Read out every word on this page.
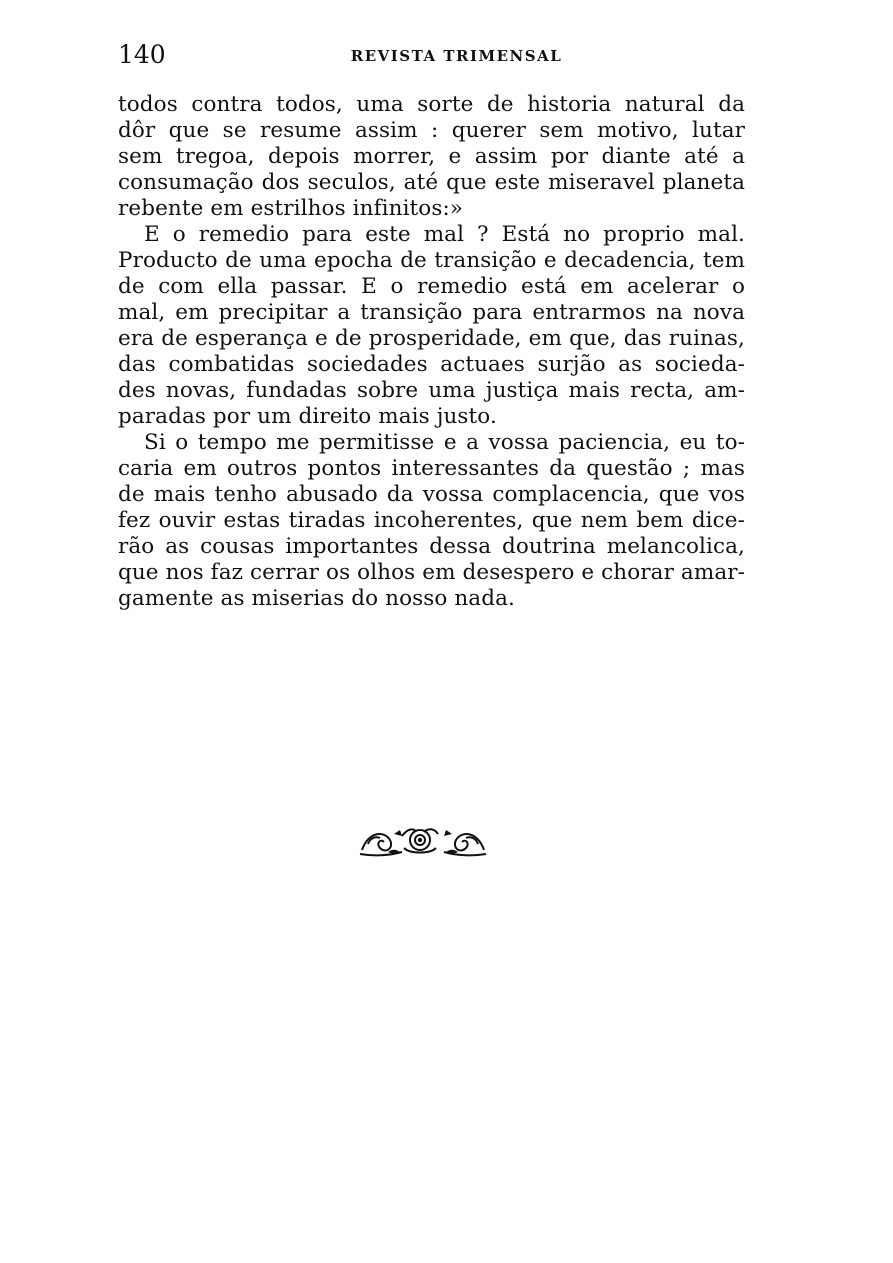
140	REVISTA TRIMENSAL

todos contra todos, uma sorte de historia natural da
dôr que se resume assim : querer sem motivo, lutar
sem tregoa, depois morrer, e assim por diante até a
consumação dos seculos, até que este miseravel planeta
rebente em estrilhos infinitos:»

E o remedio para este mal ? Está no proprio mal.
Producto de uma epocha de transição e decadencia, tem
de com ella passar. E o remedio está em acelerar o
mal, em precipitar a transição para entrarmos na nova
era de esperança e de prosperidade, em que, das ruinas,
das combatidas sociedades actuaes surjão as socieda-
des novas, fundadas sobre uma justiça mais recta, am-
paradas por um direito mais justo.

Si o tempo me permitisse e a vossa paciencia, eu to-
caria em outros pontos interessantes da questão ; mas
de mais tenho abusado da vossa complacencia, que vos
fez ouvir estas tiradas incoherentes, que nem bem dice-
rão as cousas importantes dessa doutrina melancolica,
que nos faz cerrar os olhos em desespero e chorar amar-
gamente as miserias do nosso nada.
